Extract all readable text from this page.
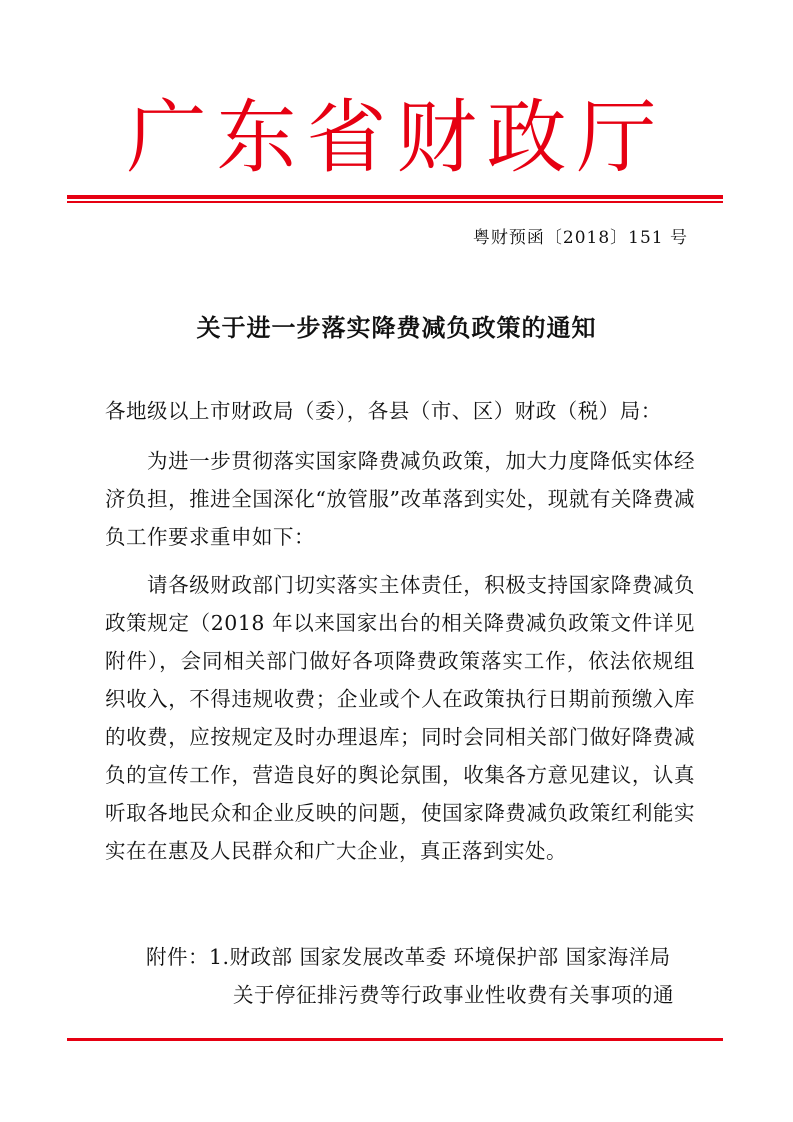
广东省财政厅
粤财预函〔2018〕151 号
关于进一步落实降费减负政策的通知
各地级以上市财政局（委），各县（市、区）财政（税）局：
为进一步贯彻落实国家降费减负政策，加大力度降低实体经济负担，推进全国深化“放管服”改革落到实处，现就有关降费减负工作要求重申如下：
请各级财政部门切实落实主体责任，积极支持国家降费减负政策规定（2018 年以来国家出台的相关降费减负政策文件详见附件），会同相关部门做好各项降费政策落实工作，依法依规组织收入，不得违规收费；企业或个人在政策执行日期前预缴入库的收费，应按规定及时办理退库；同时会同相关部门做好降费减负的宣传工作，营造良好的舆论氛围，收集各方意见建议，认真听取各地民众和企业反映的问题，使国家降费减负政策红利能实实在在惠及人民群众和广大企业，真正落到实处。
附件：1.财政部 国家发展改革委 环境保护部 国家海洋局
关于停征排污费等行政事业性收费有关事项的通
